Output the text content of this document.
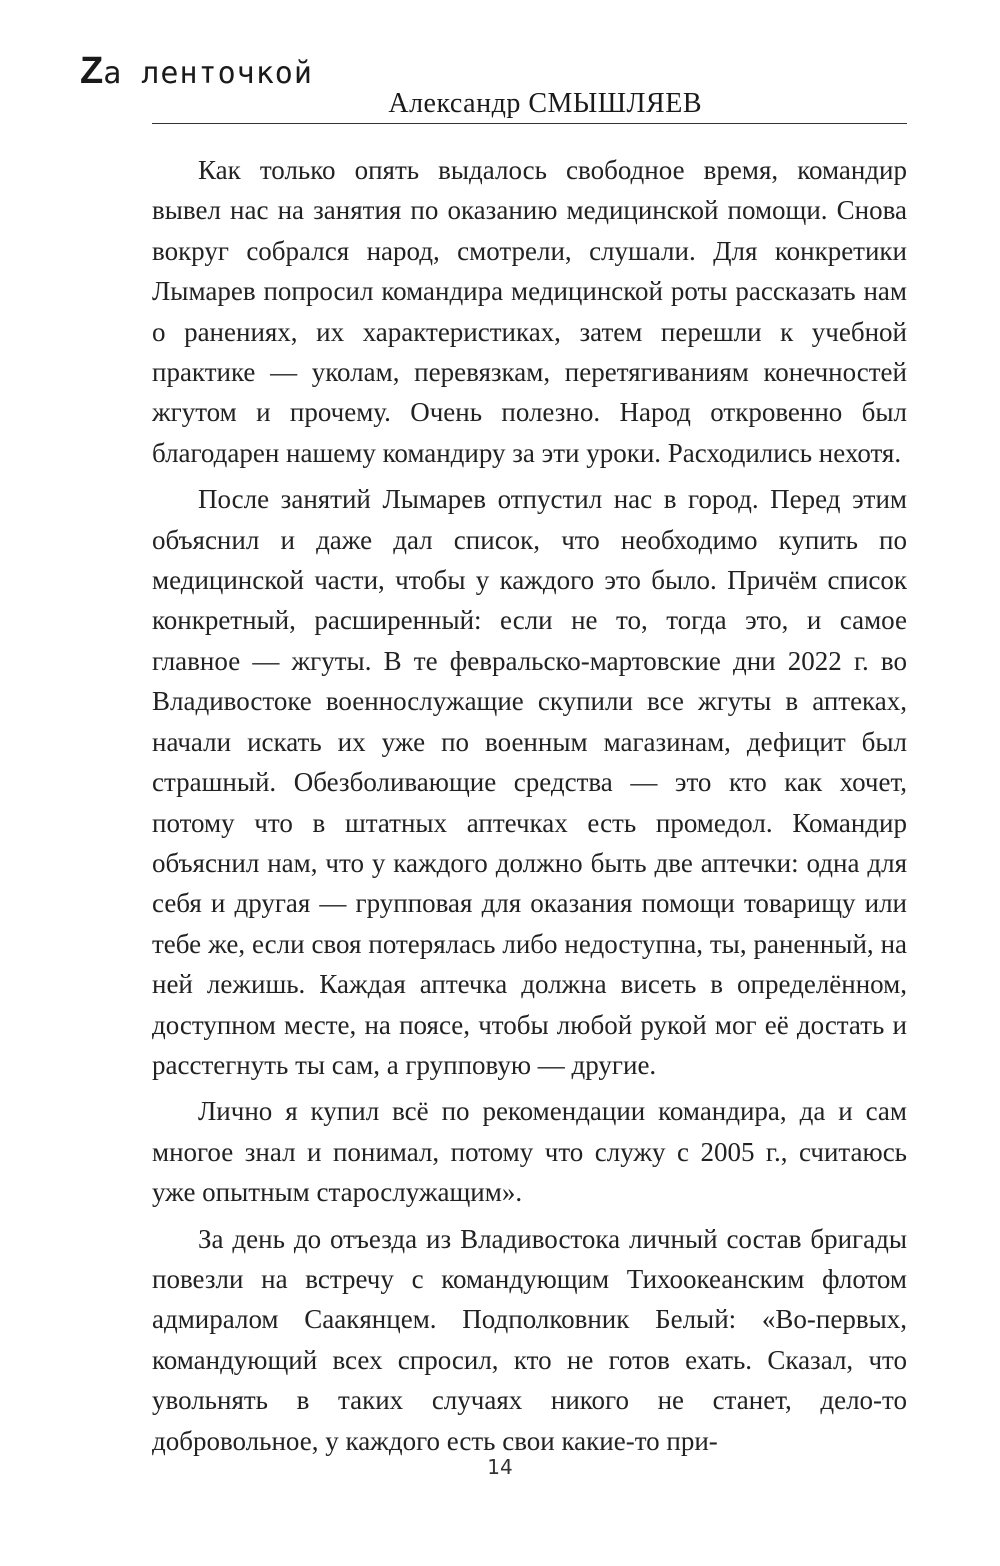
Zа ленточкой
Александр СМЫШЛЯЕВ

Как только опять выдалось свободное время, командир вывел нас на занятия по оказанию медицинской помощи. Снова вокруг собрался народ, смотрели, слушали. Для конкретики Лымарев попросил командира медицинской роты рассказать нам о ранениях, их характеристиках, затем перешли к учебной практике — уколам, перевязкам, перетягиваниям конечностей жгутом и прочему. Очень полезно. Народ откровенно был благодарен нашему командиру за эти уроки. Расходились нехотя.

После занятий Лымарев отпустил нас в город. Перед этим объяснил и даже дал список, что необходимо купить по медицинской части, чтобы у каждого это было. Причём список конкретный, расширенный: если не то, тогда это, и самое главное — жгуты. В те февральско-мартовские дни 2022 г. во Владивостоке военнослужащие скупили все жгуты в аптеках, начали искать их уже по военным магазинам, дефицит был страшный. Обезболивающие средства — это кто как хочет, потому что в штатных аптечках есть промедол. Командир объяснил нам, что у каждого должно быть две аптечки: одна для себя и другая — групповая для оказания помощи товарищу или тебе же, если своя потерялась либо недоступна, ты, раненный, на ней лежишь. Каждая аптечка должна висеть в определённом, доступном месте, на поясе, чтобы любой рукой мог её достать и расстегнуть ты сам, а групповую — другие.

Лично я купил всё по рекомендации командира, да и сам многое знал и понимал, потому что служу с 2005 г., считаюсь уже опытным старослужащим».

За день до отъезда из Владивостока личный состав бригады повезли на встречу с командующим Тихоокеанским флотом адмиралом Саакянцем. Подполковник Белый: «Во-первых, командующий всех спросил, кто не готов ехать. Сказал, что увольнять в таких случаях никого не станет, дело-то добровольное, у каждого есть свои какие-то при-

14
